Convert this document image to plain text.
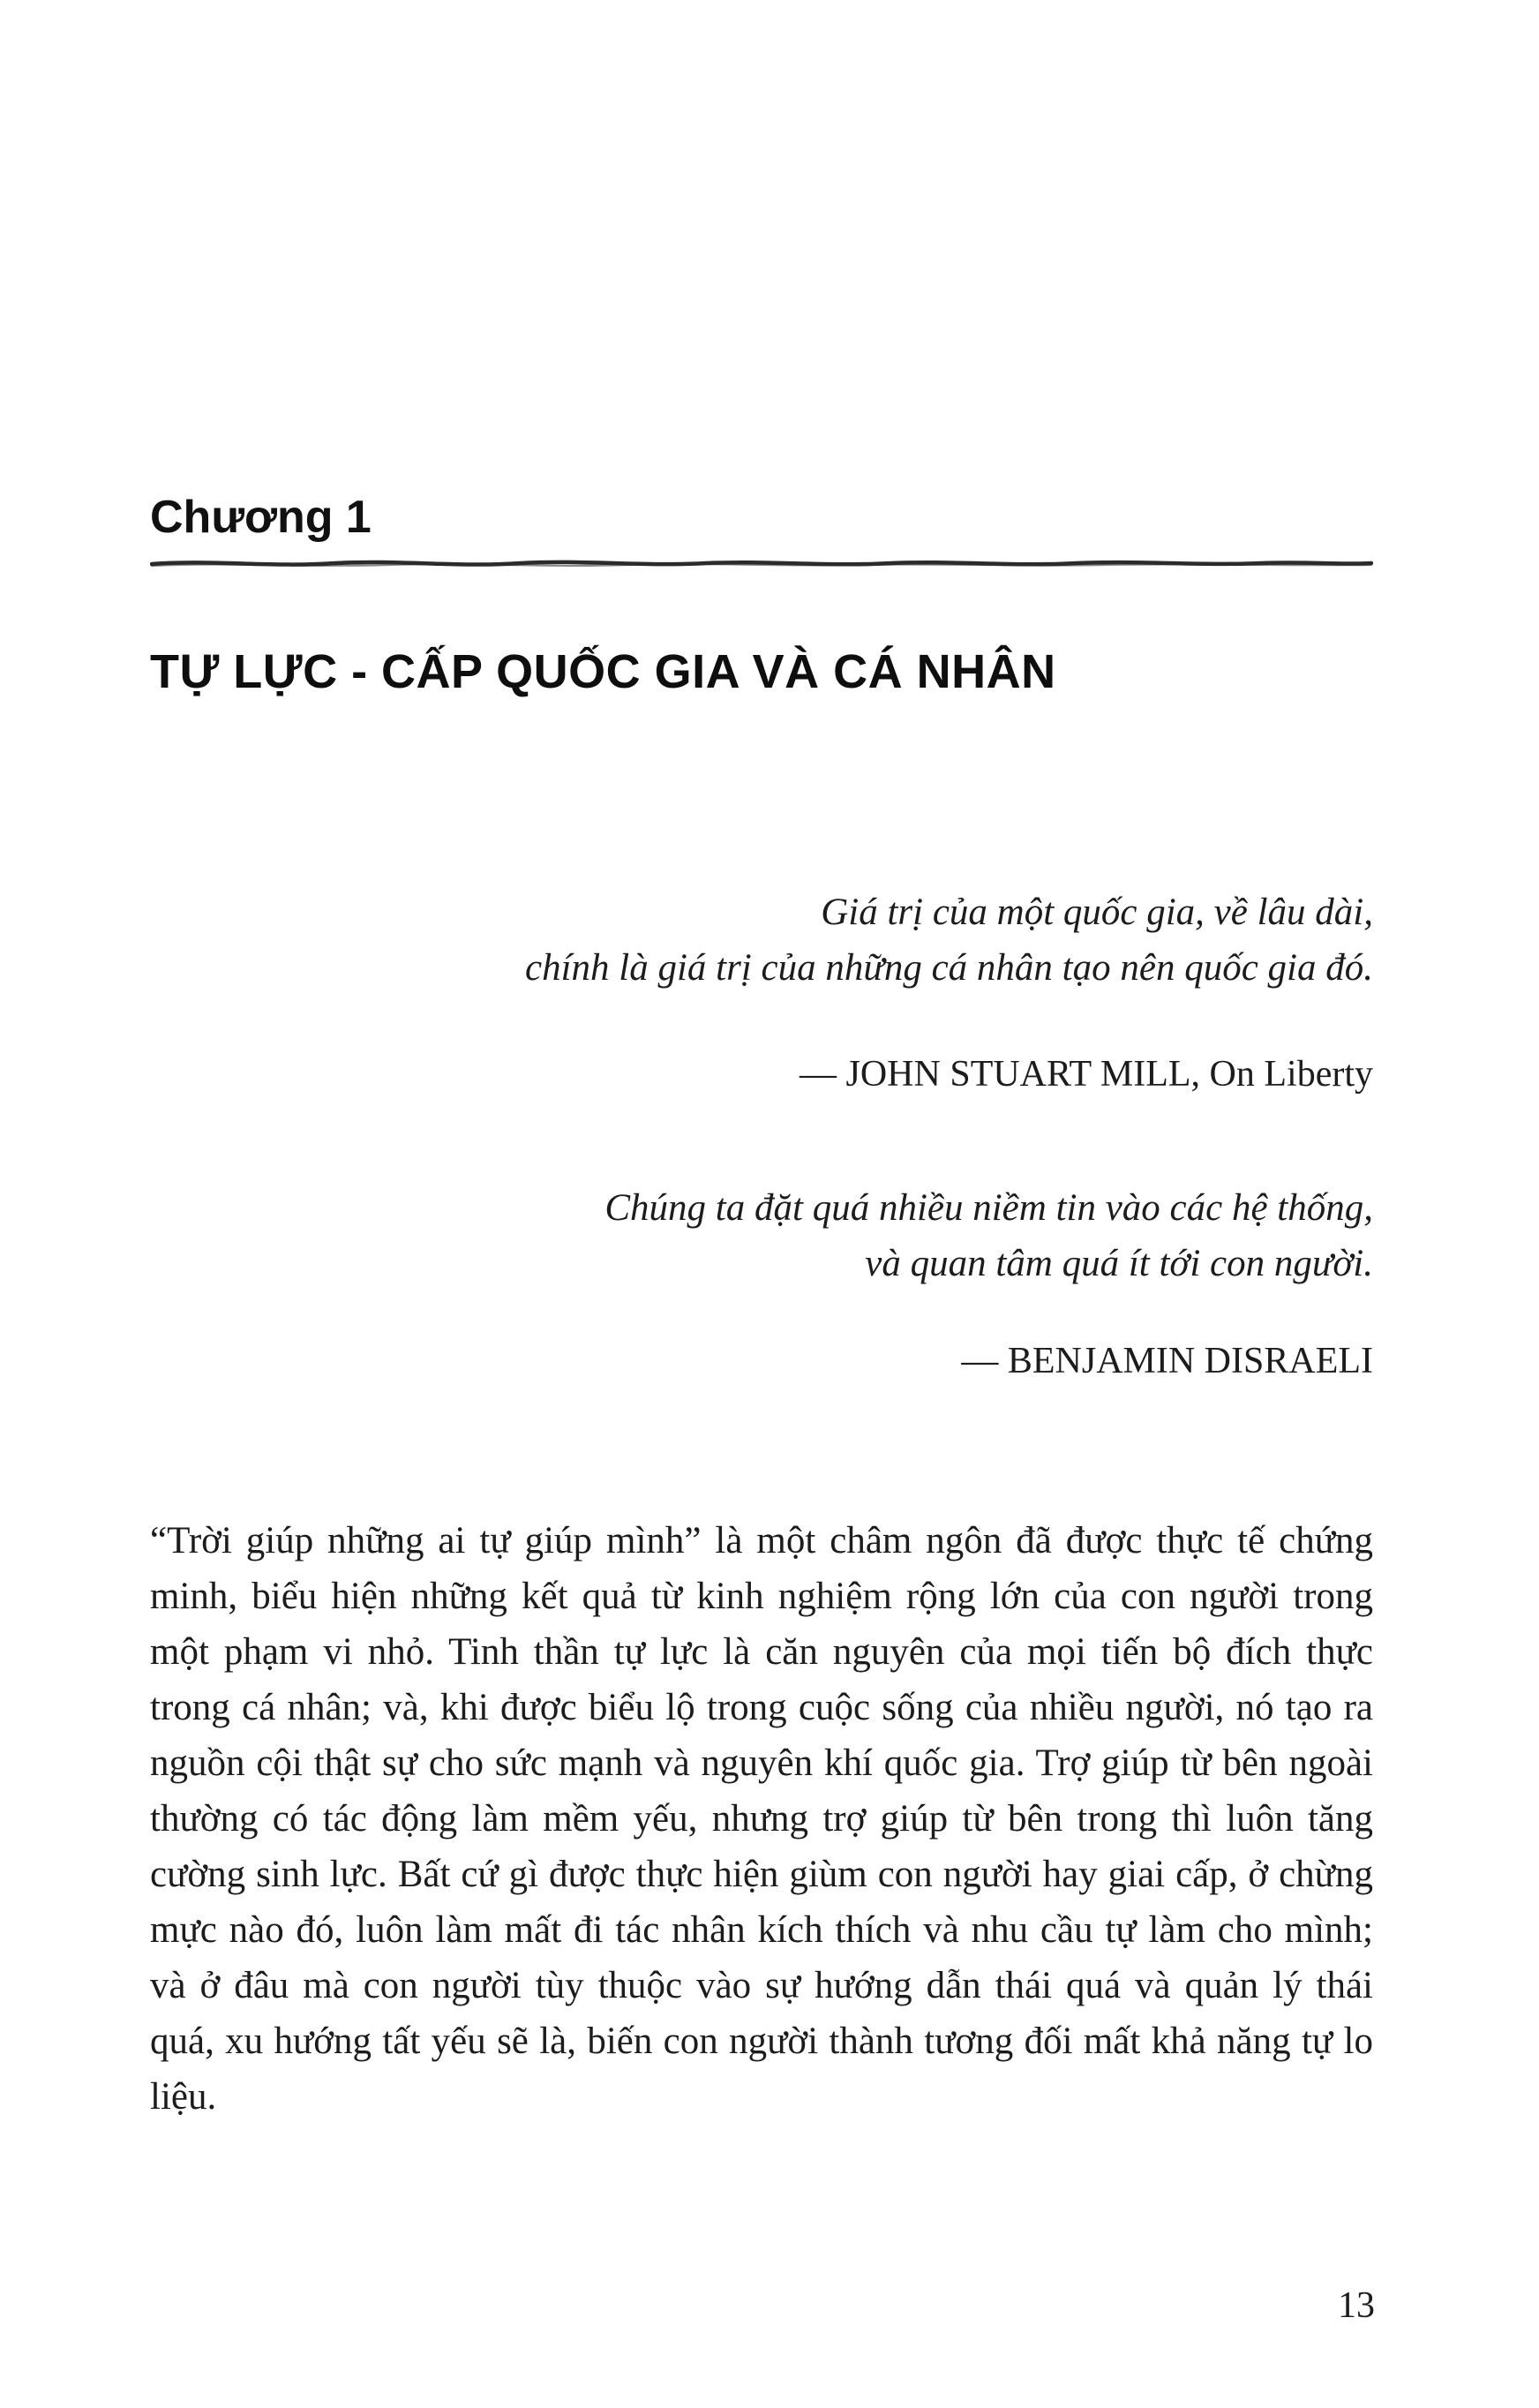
Chương 1
TỰ LỰC - CẤP QUỐC GIA VÀ CÁ NHÂN
Giá trị của một quốc gia, về lâu dài,
chính là giá trị của những cá nhân tạo nên quốc gia đó.
— JOHN STUART MILL, On Liberty
Chúng ta đặt quá nhiều niềm tin vào các hệ thống,
và quan tâm quá ít tới con người.
— BENJAMIN DISRAELI

“Trời giúp những ai tự giúp mình” là một châm ngôn đã được thực tế chứng minh, biểu hiện những kết quả từ kinh nghiệm rộng lớn của con người trong một phạm vi nhỏ. Tinh thần tự lực là căn nguyên của mọi tiến bộ đích thực trong cá nhân; và, khi được biểu lộ trong cuộc sống của nhiều người, nó tạo ra nguồn cội thật sự cho sức mạnh và nguyên khí quốc gia. Trợ giúp từ bên ngoài thường có tác động làm mềm yếu, nhưng trợ giúp từ bên trong thì luôn tăng cường sinh lực. Bất cứ gì được thực hiện giùm con người hay giai cấp, ở chừng mực nào đó, luôn làm mất đi tác nhân kích thích và nhu cầu tự làm cho mình; và ở đâu mà con người tùy thuộc vào sự hướng dẫn thái quá và quản lý thái quá, xu hướng tất yếu sẽ là, biến con người thành tương đối mất khả năng tự lo liệu.

13
